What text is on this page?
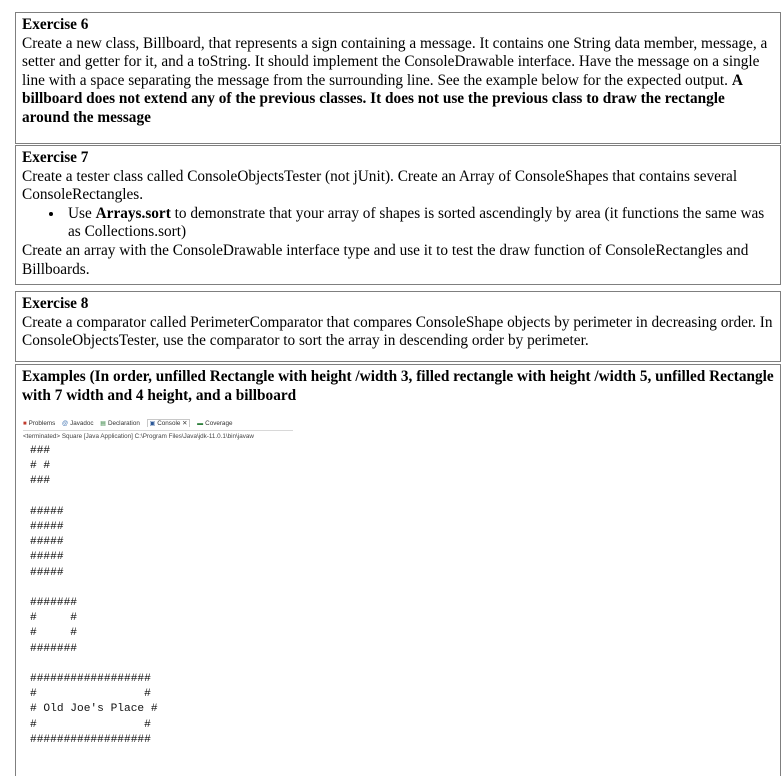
Exercise 6
Create a new class, Billboard, that represents a sign containing a message. It contains one String data member, message, a setter and getter for it, and a toString. It should implement the ConsoleDrawable interface. Have the message on a single line with a space separating the message from the surrounding line. See the example below for the expected output. A billboard does not extend any of the previous classes. It does not use the previous class to draw the rectangle around the message
Exercise 7
Create a tester class called ConsoleObjectsTester (not jUnit). Create an Array of ConsoleShapes that contains several ConsoleRectangles.
• Use Arrays.sort to demonstrate that your array of shapes is sorted ascendingly by area (it functions the same was as Collections.sort)
Create an array with the ConsoleDrawable interface type and use it to test the draw function of ConsoleRectangles and Billboards.
Exercise 8
Create a comparator called PerimeterComparator that compares ConsoleShape objects by perimeter in decreasing order. In ConsoleObjectsTester, use the comparator to sort the array in descending order by perimeter.
Examples (In order, unfilled Rectangle with height /width 3, filled rectangle with height /width 5, unfilled Rectangle with 7 width and 4 height, and a billboard
■ Problems @ Javadoc ▤ Declaration ▣ Console ✕ ▬ Coverage
<terminated> Square [Java Application] C:\Program Files\Java\jdk-11.0.1\bin\javaw
###
# #
###

#####
#####
#####
#####
#####

#######
#     #
#     #
#######

##################
#                #
# Old Joe's Place #
#                #
##################
